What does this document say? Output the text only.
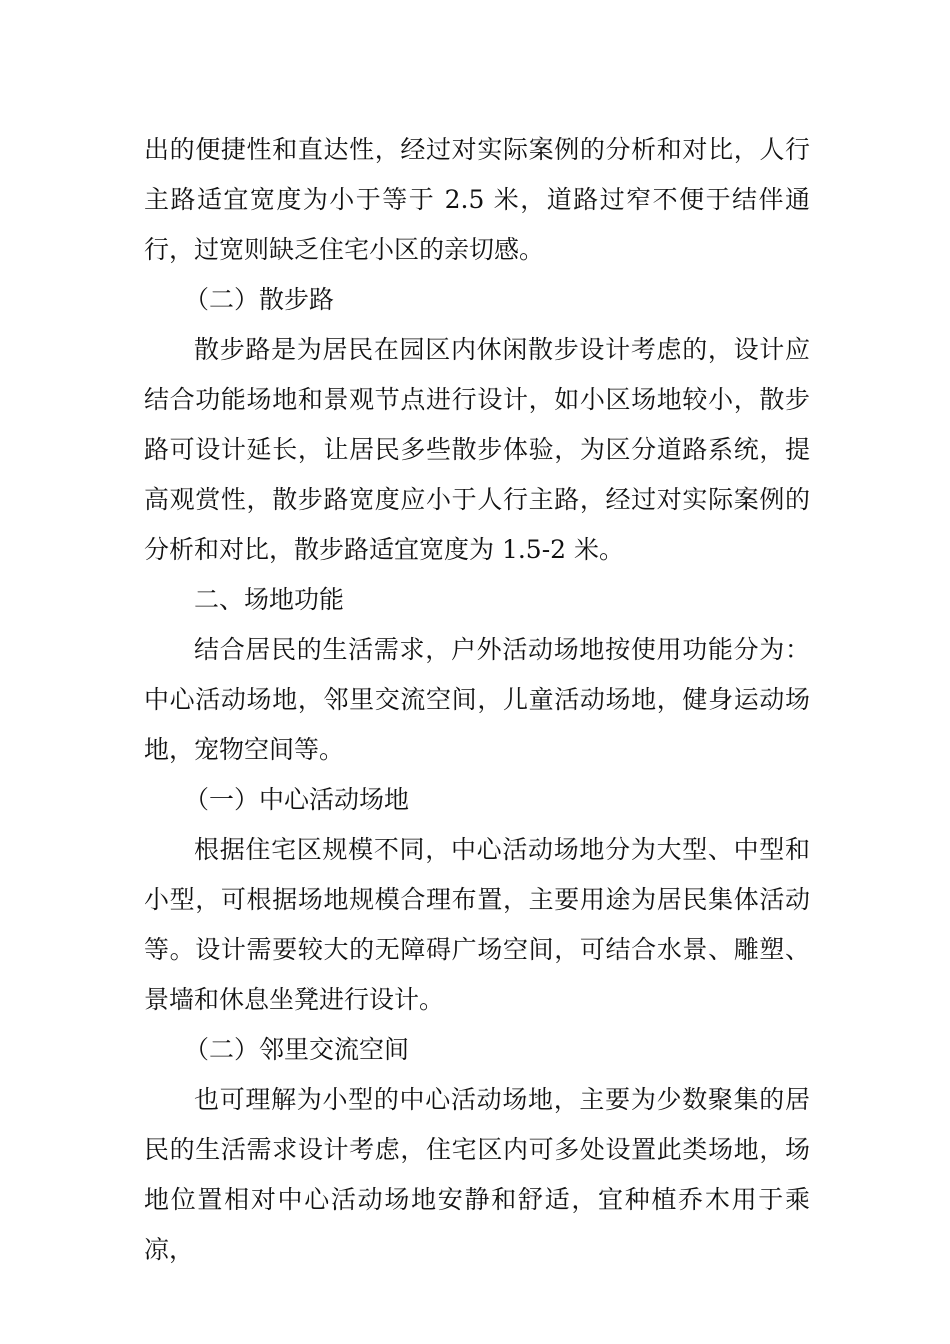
出的便捷性和直达性，经过对实际案例的分析和对比，人行主路适宜宽度为小于等于 2.5 米，道路过窄不便于结伴通行，过宽则缺乏住宅小区的亲切感。

（二）散步路

散步路是为居民在园区内休闲散步设计考虑的，设计应结合功能场地和景观节点进行设计，如小区场地较小，散步路可设计延长，让居民多些散步体验，为区分道路系统，提高观赏性，散步路宽度应小于人行主路，经过对实际案例的分析和对比，散步路适宜宽度为 1.5-2 米。

二、场地功能

结合居民的生活需求，户外活动场地按使用功能分为：中心活动场地，邻里交流空间，儿童活动场地，健身运动场地，宠物空间等。

（一）中心活动场地

根据住宅区规模不同，中心活动场地分为大型、中型和小型，可根据场地规模合理布置，主要用途为居民集体活动等。设计需要较大的无障碍广场空间，可结合水景、雕塑、景墙和休息坐凳进行设计。

（二）邻里交流空间

也可理解为小型的中心活动场地，主要为少数聚集的居民的生活需求设计考虑，住宅区内可多处设置此类场地，场地位置相对中心活动场地安静和舒适，宜种植乔木用于乘凉，
